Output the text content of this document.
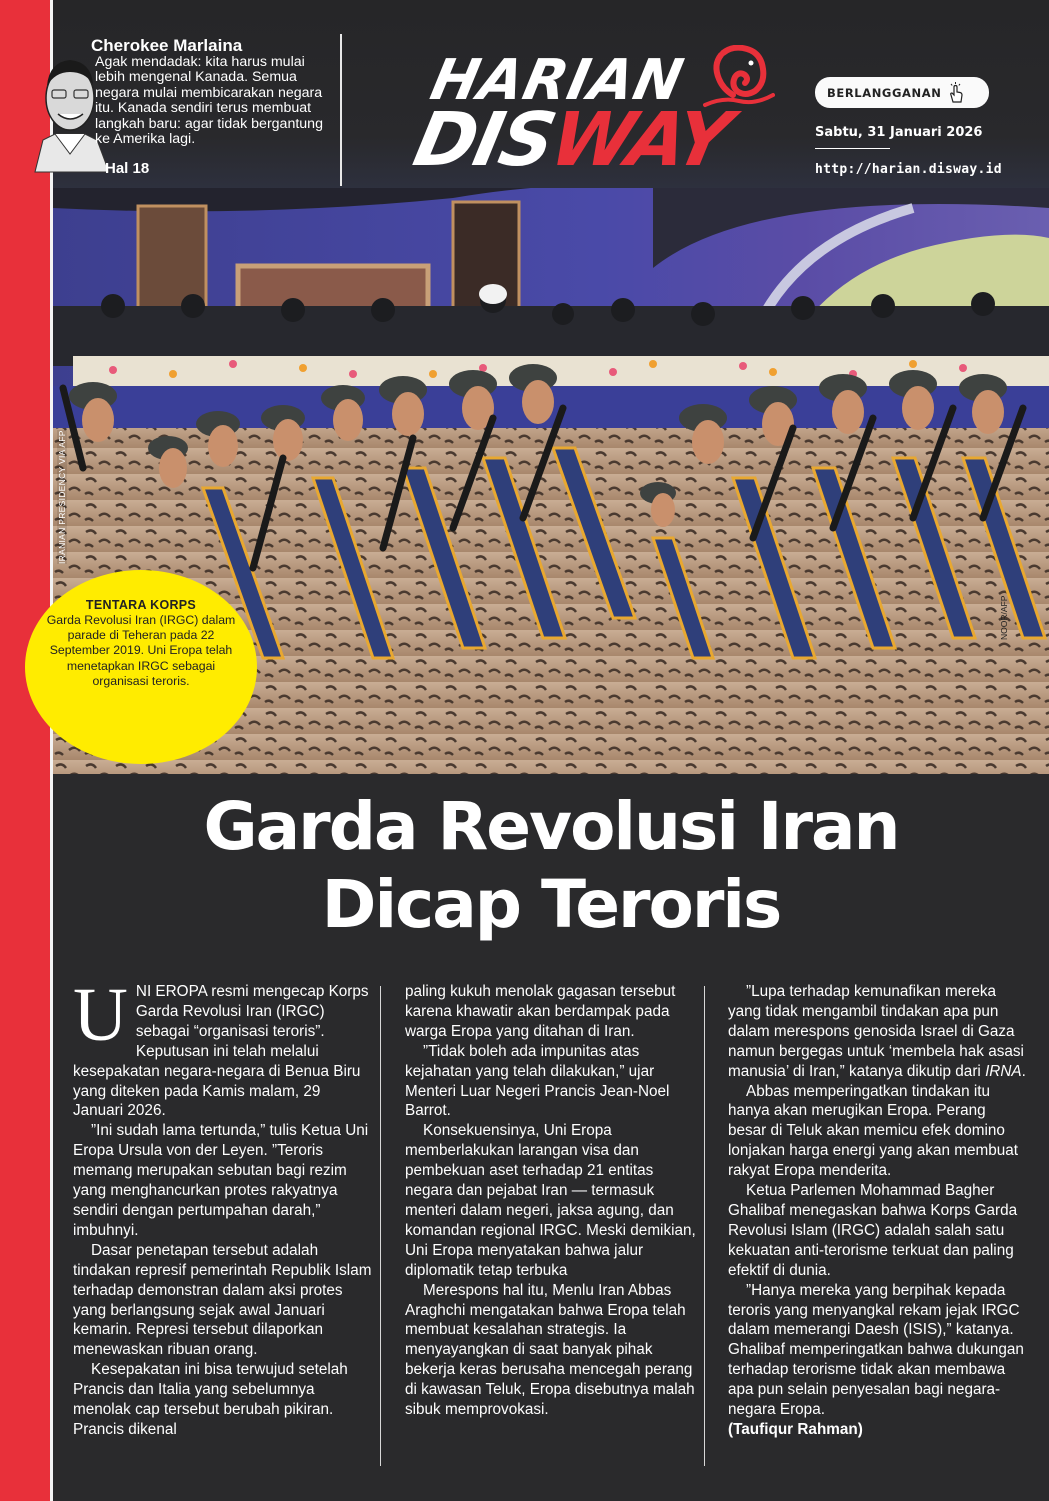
Cherokee Marlaina
Agak mendadak: kita harus mulai lebih mengenal Kanada. Semua negara mulai membicarakan negara itu. Kanada sendiri terus membuat langkah baru: agar tidak bergantung ke Amerika lagi.
Hal 18
HARIAN
DISWAY
BERLANGGANAN
Sabtu, 31 Januari 2026
http://harian.disway.id
IRANIAN PRESIDENCY VIA AFP
NOOR/AFP
TENTARA KORPS
Garda Revolusi Iran (IRGC) dalam parade di Teheran pada 22 September 2019. Uni Eropa telah menetapkan IRGC sebagai organisasi teroris.
Garda Revolusi Iran
Dicap Teroris

UNI EROPA resmi mengecap Korps Garda Revolusi Iran (IRGC) sebagai “organisasi teroris”. Keputusan ini telah melalui kesepakatan negara-negara di Benua Biru yang diteken pada Kamis malam, 29 Januari 2026.

”Ini sudah lama tertunda,” tulis Ketua Uni Eropa Ursula von der Leyen. ”Teroris memang merupakan sebutan bagi rezim yang menghancurkan protes rakyatnya sendiri dengan pertumpahan darah,” imbuhnyi.

Dasar penetapan tersebut adalah tindakan represif pemerintah Republik Islam terhadap demonstran dalam aksi protes yang berlangsung sejak awal Januari kemarin. Represi tersebut dilaporkan menewaskan ribuan orang.

Kesepakatan ini bisa terwujud setelah Prancis dan Italia yang sebelumnya menolak cap tersebut berubah pikiran. Prancis dikenal

paling kukuh menolak gagasan tersebut karena khawatir akan berdampak pada warga Eropa yang ditahan di Iran.

”Tidak boleh ada impunitas atas kejahatan yang telah dilakukan,” ujar Menteri Luar Negeri Prancis Jean-Noel Barrot.

Konsekuensinya, Uni Eropa memberlakukan larangan visa dan pembekuan aset terhadap 21 entitas negara dan pejabat Iran — termasuk menteri dalam negeri, jaksa agung, dan komandan regional IRGC. Meski demikian, Uni Eropa menyatakan bahwa jalur diplomatik tetap terbuka

Merespons hal itu, Menlu Iran Abbas Araghchi mengatakan bahwa Eropa telah membuat kesalahan strategis. Ia menyayangkan di saat banyak pihak bekerja keras berusaha mencegah perang di kawasan Teluk, Eropa disebutnya malah sibuk memprovokasi.

”Lupa terhadap kemunafikan mereka yang tidak mengambil tindakan apa pun dalam merespons genosida Israel di Gaza namun bergegas untuk ‘membela hak asasi manusia’ di Iran,” katanya dikutip dari IRNA.

Abbas memperingatkan tindakan itu hanya akan merugikan Eropa. Perang besar di Teluk akan memicu efek domino lonjakan harga energi yang akan membuat rakyat Eropa menderita.

Ketua Parlemen Mohammad Bagher Ghalibaf menegaskan bahwa Korps Garda Revolusi Islam (IRGC) adalah salah satu kekuatan anti-terorisme terkuat dan paling efektif di dunia.

”Hanya mereka yang berpihak kepada teroris yang menyangkal rekam jejak IRGC dalam memerangi Daesh (ISIS),” katanya. Ghalibaf memperingatkan bahwa dukungan terhadap terorisme tidak akan membawa apa pun selain penyesalan bagi negara-negara Eropa.

(Taufiqur Rahman)
